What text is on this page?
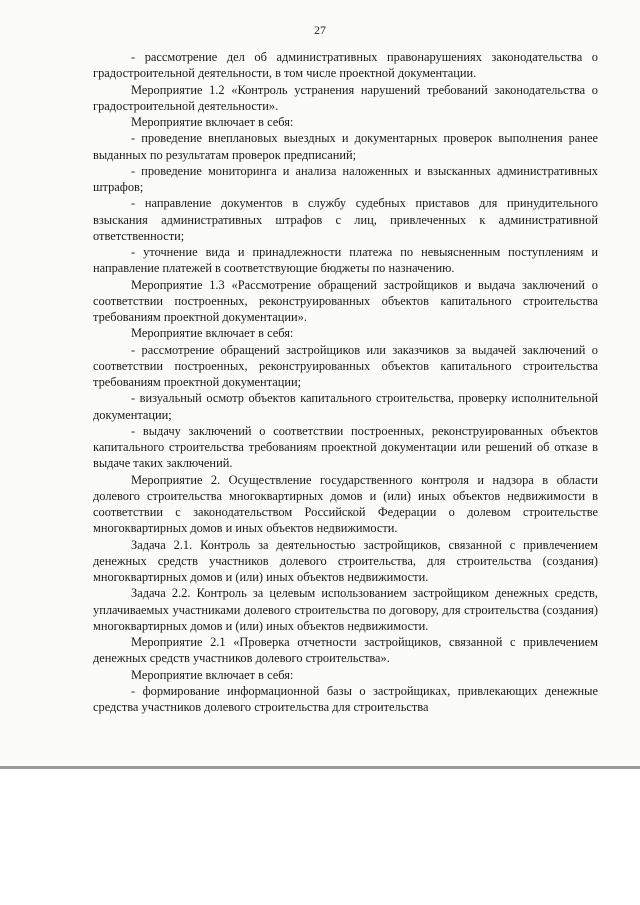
27

- рассмотрение дел об административных правонарушениях законодательства о градостроительной деятельности, в том числе проектной документации.

Мероприятие 1.2 «Контроль устранения нарушений требований законодательства о градостроительной деятельности».

Мероприятие включает в себя:

- проведение внеплановых выездных и документарных проверок выполнения ранее выданных по результатам проверок предписаний;

- проведение мониторинга и анализа наложенных и взысканных административных штрафов;

- направление документов в службу судебных приставов для принудительного взыскания административных штрафов с лиц, привлеченных к административной ответственности;

- уточнение вида и принадлежности платежа по невыясненным поступлениям и направление платежей в соответствующие бюджеты по назначению.

Мероприятие 1.3 «Рассмотрение обращений застройщиков и выдача заключений о соответствии построенных, реконструированных объектов капитального строительства требованиям проектной документации».

Мероприятие включает в себя:

- рассмотрение обращений застройщиков или заказчиков за выдачей заключений о соответствии построенных, реконструированных объектов капитального строительства требованиям проектной документации;

- визуальный осмотр объектов капитального строительства, проверку исполнительной документации;

- выдачу заключений о соответствии построенных, реконструированных объектов капитального строительства требованиям проектной документации или решений об отказе в выдаче таких заключений.

Мероприятие 2. Осуществление государственного контроля и надзора в области долевого строительства многоквартирных домов и (или) иных объектов недвижимости в соответствии с законодательством Российской Федерации о долевом строительстве многоквартирных домов и иных объектов недвижимости.

Задача 2.1. Контроль за деятельностью застройщиков, связанной с привлечением денежных средств участников долевого строительства, для строительства (создания) многоквартирных домов и (или) иных объектов недвижимости.

Задача 2.2. Контроль за целевым использованием застройщиком денежных средств, уплачиваемых участниками долевого строительства по договору, для строительства (создания) многоквартирных домов и (или) иных объектов недвижимости.

Мероприятие 2.1 «Проверка отчетности застройщиков, связанной с привлечением денежных средств участников долевого строительства».

Мероприятие включает в себя:

- формирование информационной базы о застройщиках, привлекающих денежные средства участников долевого строительства для строительства
